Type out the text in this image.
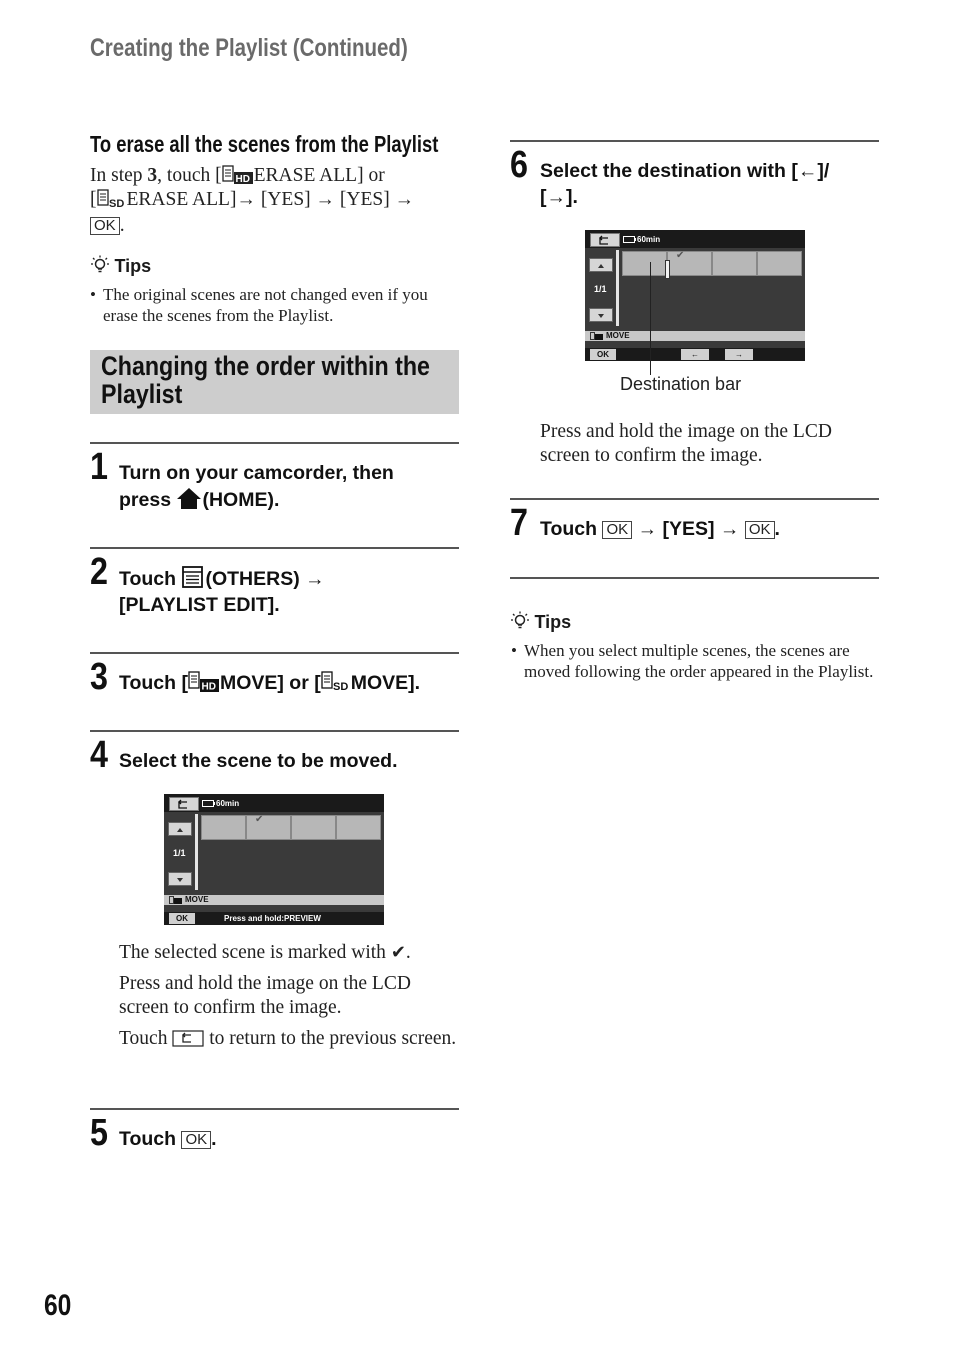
Creating the Playlist (Continued)
To erase all the scenes from the Playlist
In step 3, touch [ HD ERASE ALL] or
[ SD ERASE ALL]→ [YES] → [YES] →
OK .
Tips
• The original scenes are not changed even if you erase the scenes from the Playlist.
Changing the order within the
Playlist
1 Turn on your camcorder, then
press (HOME).
2 Touch (OTHERS) →
[PLAYLIST EDIT].
3 Touch [ HD MOVE] or [ SD MOVE].
4 Select the scene to be moved.
60min
1/1
✔
MOVE
OK	Press and hold:PREVIEW
The selected scene is marked with ✔.
Press and hold the image on the LCD screen to confirm the image.
Touch  to return to the previous screen.
5 Touch OK .
6 Select the destination with [←]/
[→].
60min
1/1
✔
MOVE
OK	←	→
Destination bar
Press and hold the image on the LCD screen to confirm the image.
7 Touch OK → [YES] → OK .
Tips
• When you select multiple scenes, the scenes are moved following the order appeared in the Playlist.
60
